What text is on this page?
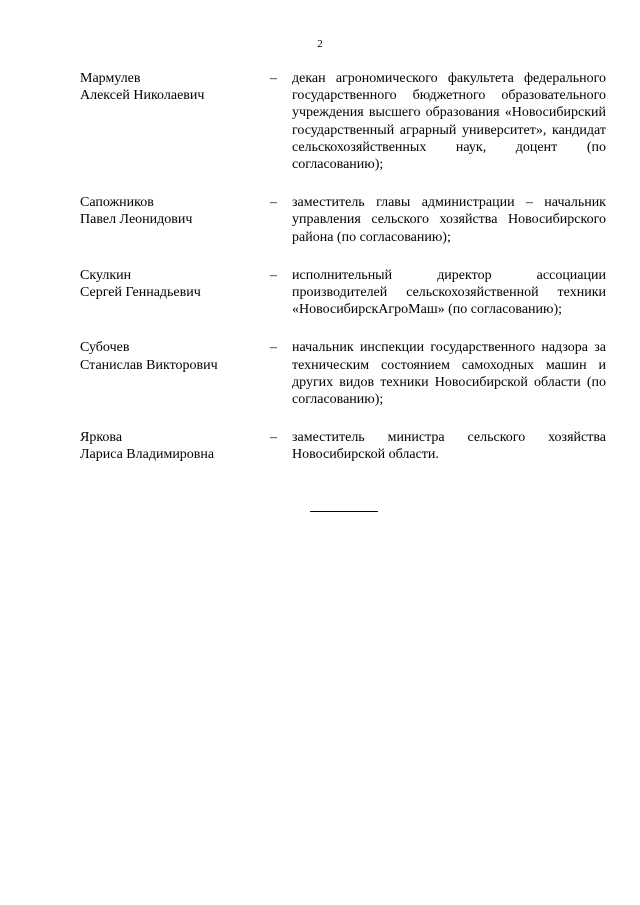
2
Мармулев
Алексей Николаевич
–	декан агрономического факультета федерального государственного бюджетного образовательного учреждения высшего образования «Новосибирский государственный аграрный университет», кандидат сельскохозяйственных наук, доцент (по согласованию);
Сапожников
Павел Леонидович
–	заместитель главы администрации – начальник управления сельского хозяйства Новосибирского района (по согласованию);
Скулкин
Сергей Геннадьевич
–	исполнительный директор ассоциации производителей сельскохозяйственной техники «НовосибирскАгроМаш» (по согласованию);
Субочев
Станислав Викторович
–	начальник инспекции государственного надзора за техническим состоянием самоходных машин и других видов техники Новосибирской области (по согласованию);
Яркова
Лариса Владимировна
–	заместитель министра сельского хозяйства Новосибирской области.
